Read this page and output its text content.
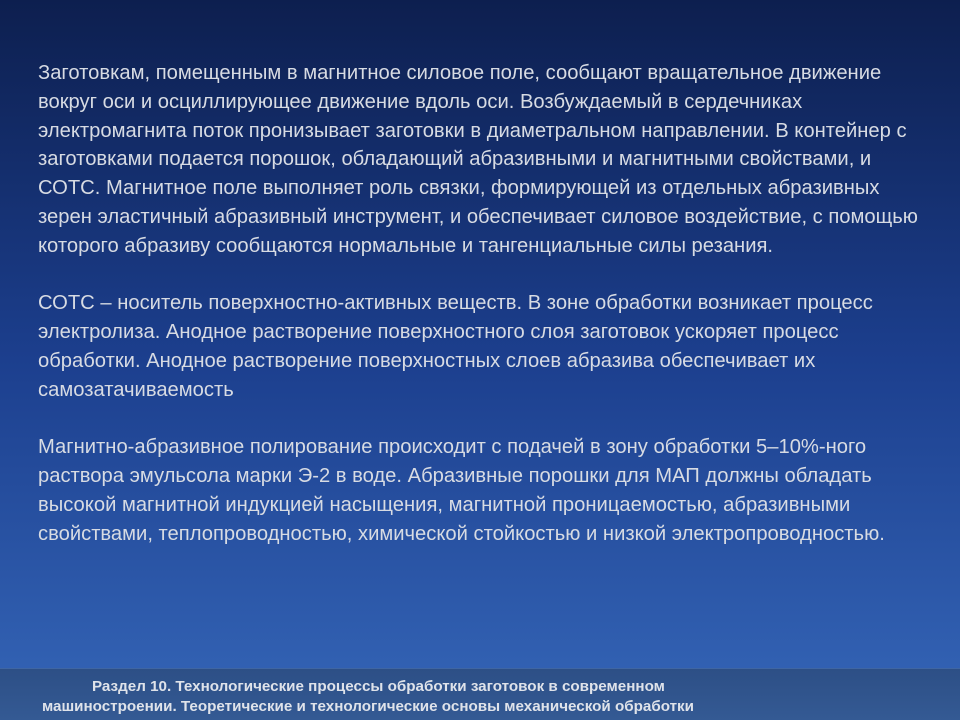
Заготовкам, помещенным в магнитное силовое поле, сообщают вращательное движение вокруг оси и осциллирующее движение вдоль оси. Возбуждаемый в сердечниках электромагнита поток пронизывает заготовки в диаметральном направлении. В контейнер с заготовками подается порошок, обладающий абразивными и магнитными свойствами, и СОТС. Магнитное поле выполняет роль связки, формирующей из отдельных абразивных зерен эластичный абразивный инструмент, и обеспечивает силовое воздействие, с помощью которого абразиву сообщаются нормальные и тангенциальные силы резания.

СОТС – носитель поверхностно-активных веществ. В зоне обработки возникает процесс электролиза. Анодное растворение поверхностного слоя заготовок ускоряет процесс обработки. Анодное растворение поверхностных слоев абразива обеспечивает их самозатачиваемость

Магнитно-абразивное полирование происходит с подачей в зону обработки 5–10%-ного раствора эмульсола марки Э-2 в воде. Абразивные порошки для МАП должны обладать высокой магнитной индукцией насыщения, магнитной проницаемостью, абразивными свойствами, теплопроводностью, химической стойкостью и низкой электропроводностью.

Раздел 10. Технологические процессы обработки заготовок в современном
машиностроении. Теоретические и технологические основы механической обработки
